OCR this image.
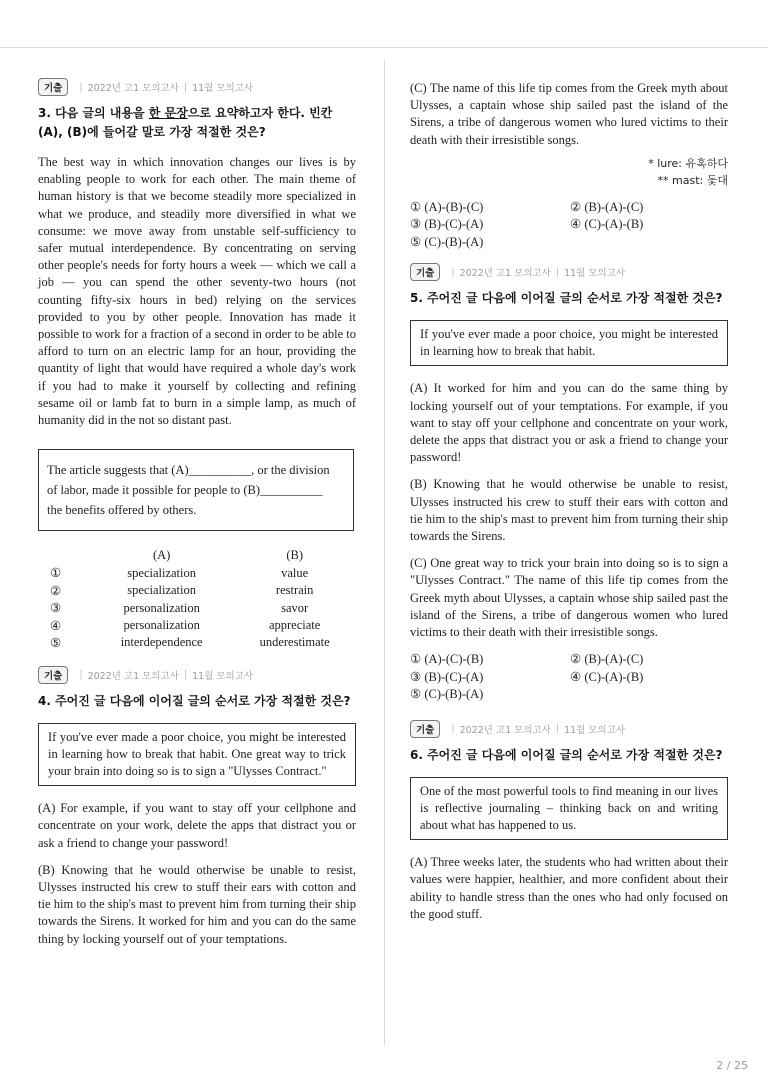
기출	| 2022년 고1 모의고사 | 11월 모의고사
3. 다음 글의 내용을 한 문장으로 요약하고자 한다. 빈칸 (A), (B)에 들어갈 말로 가장 적절한 것은?

The best way in which innovation changes our lives is by enabling people to work for each other. The main theme of human history is that we become steadily more specialized in what we produce, and steadily more diversified in what we consume: we move away from unstable self-sufficiency to safer mutual interdependence. By concentrating on serving other people's needs for forty hours a week — which we call a job — you can spend the other seventy-two hours (not counting fifty-six hours in bed) relying on the services provided to you by other people. Innovation has made it possible to work for a fraction of a second in order to be able to afford to turn on an electric lamp for an hour, providing the quantity of light that would have required a whole day's work if you had to make it yourself by collecting and refining sesame oil or lamb fat to burn in a simple lamp, as much of humanity did in the not so distant past.

The article suggests that (A)__________, or the division
of labor, made it possible for people to (B)__________
the benefits offered by others.
	(A)	(B)
①	specialization	value
②	specialization	restrain
③	personalization	savor
④	personalization	appreciate
⑤	interdependence	underestimate
기출	| 2022년 고1 모의고사 | 11월 모의고사
4. 주어진 글 다음에 이어질 글의 순서로 가장 적절한 것은?
If you've ever made a poor choice, you might be interested in learning how to break that habit. One great way to trick your brain into doing so is to sign a "Ulysses Contract."

(A) For example, if you want to stay off your cellphone and concentrate on your work, delete the apps that distract you or ask a friend to change your password!

(B) Knowing that he would otherwise be unable to resist, Ulysses instructed his crew to stuff their ears with cotton and tie him to the ship's mast to prevent him from turning their ship towards the Sirens. It worked for him and you can do the same thing by locking yourself out of your temptations.

(C) The name of this life tip comes from the Greek myth about Ulysses, a captain whose ship sailed past the island of the Sirens, a tribe of dangerous women who lured victims to their death with their irresistible songs.

* lure: 유혹하다
** mast: 돛대
① (A)-(B)-(C)	② (B)-(A)-(C)
③ (B)-(C)-(A)	④ (C)-(A)-(B)
⑤ (C)-(B)-(A)
기출	| 2022년 고1 모의고사 | 11월 모의고사
5. 주어진 글 다음에 이어질 글의 순서로 가장 적절한 것은?
If you've ever made a poor choice, you might be interested in learning how to break that habit.

(A) It worked for him and you can do the same thing by locking yourself out of your temptations. For example, if you want to stay off your cellphone and concentrate on your work, delete the apps that distract you or ask a friend to change your password!

(B) Knowing that he would otherwise be unable to resist, Ulysses instructed his crew to stuff their ears with cotton and tie him to the ship's mast to prevent him from turning their ship towards the Sirens.

(C) One great way to trick your brain into doing so is to sign a "Ulysses Contract." The name of this life tip comes from the Greek myth about Ulysses, a captain whose ship sailed past the island of the Sirens, a tribe of dangerous women who lured victims to their death with their irresistible songs.

① (A)-(C)-(B)	② (B)-(A)-(C)
③ (B)-(C)-(A)	④ (C)-(A)-(B)
⑤ (C)-(B)-(A)
기출	| 2022년 고1 모의고사 | 11월 모의고사
6. 주어진 글 다음에 이어질 글의 순서로 가장 적절한 것은?
One of the most powerful tools to find meaning in our lives is reflective journaling – thinking back on and writing about what has happened to us.

(A) Three weeks later, the students who had written about their values were happier, healthier, and more confident about their ability to handle stress than the ones who had only focused on the good stuff.

2 / 25
